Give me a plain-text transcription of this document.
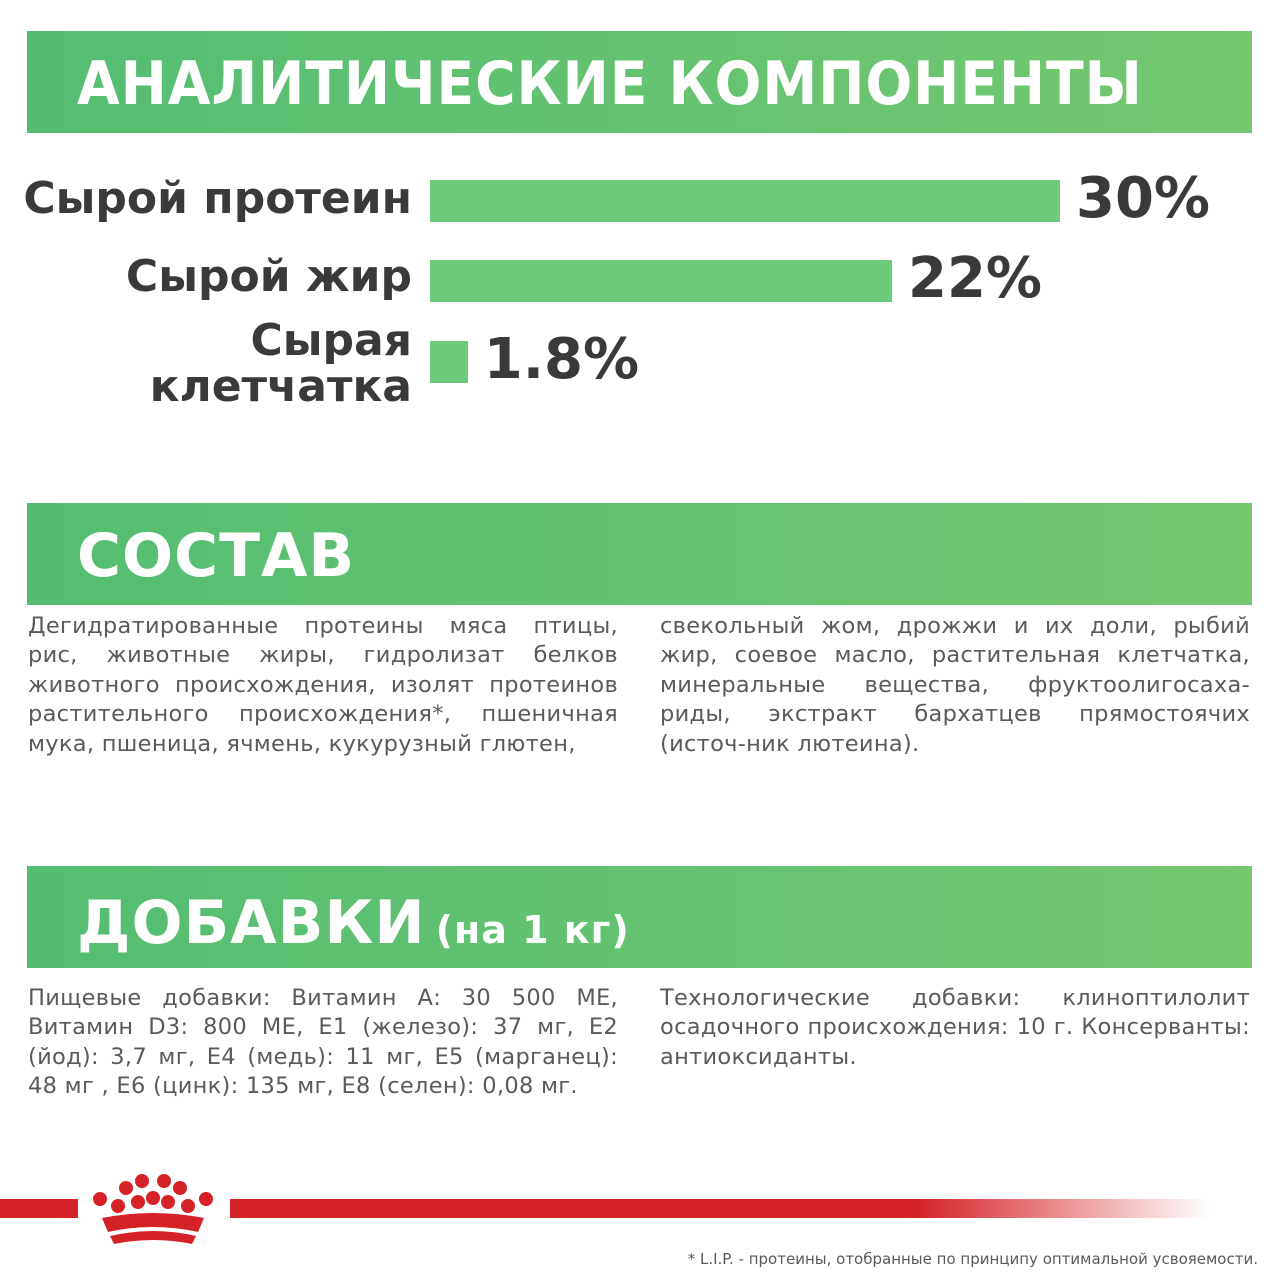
АНАЛИТИЧЕСКИЕ КОМПОНЕНТЫ
Сырой протеин	30%
Сырой жир	22%
Сырая
клетчатка 1.8%
СОСТАВ
Дегидратированные протеины мяса птицы, рис, животные жиры, гидролизат белков животного происхождения, изолят протеинов растительного происхождения*, пшеничная мука, пшеница, ячмень, кукурузный глютен,
свекольный жом, дрожжи и их доли, рыбий жир, соевое масло, растительная клетчатка, минеральные вещества, фруктоолигосаха-риды, экстракт бархатцев прямостоячих (источ-ник лютеина).
ДОБАВКИ (на 1 кг)
Пищевые добавки: Витамин А: 30 500 МЕ, Витамин D3: 800 МЕ, E1 (железо): 37 мг, E2 (йод): 3,7 мг, E4 (медь): 11 мг, E5 (марганец): 48 мг , E6 (цинк): 135 мг, E8 (селен): 0,08 мг.
Технологические добавки: клиноптилолит осадочного происхождения: 10 г. Консерванты: антиоксиданты.
* L.I.P. - протеины, отобранные по принципу оптимальной усвояемости.
